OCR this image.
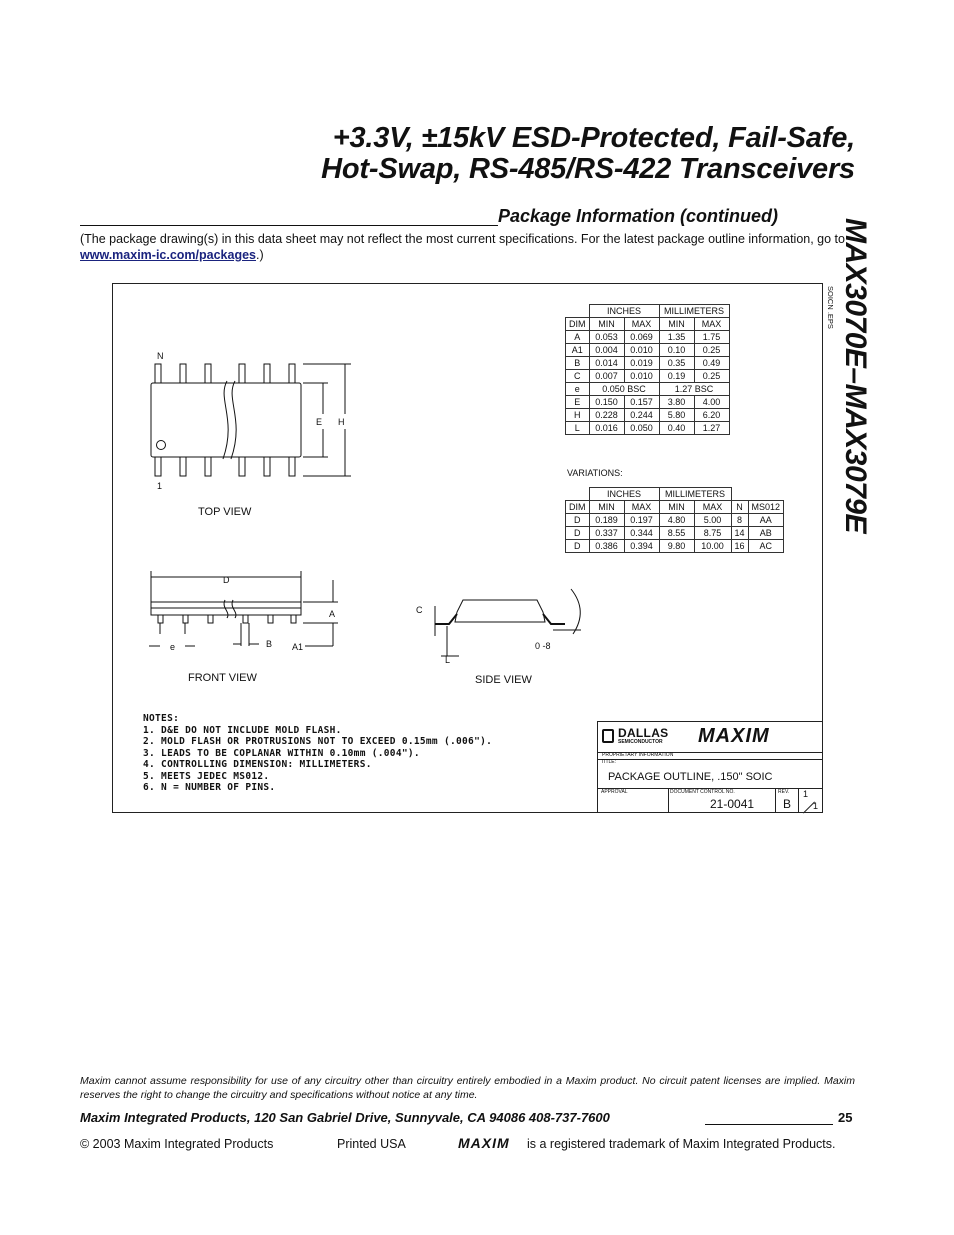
+3.3V, ±15kV ESD-Protected, Fail-Safe,
Hot-Swap, RS-485/RS-422 Transceivers
MAX3070E–MAX3079E
Package Information (continued)
(The package drawing(s) in this data sheet may not reflect the most current specifications. For the latest package outline information, go to www.maxim-ic.com/packages.)
N
1
E H
TOP VIEW
D
A
e	B A1
FRONT VIEW
C
L
0 -8
SIDE VIEW
SOICN .EPS
VARIATIONS:
	INCHES		MILLIMETERS	
DIM	MIN	MAX	MIN	MAX
A	0.053	0.069	1.35	1.75
A1	0.004	0.010	0.10	0.25
B	0.014	0.019	0.35	0.49
C	0.007	0.010	0.19	0.25
e	0.050 BSC		1.27 BSC	
E	0.150	0.157	3.80	4.00
H	0.228	0.244	5.80	6.20
L	0.016	0.050	0.40	1.27
	INCHES		MILLIMETERS			
DIM	MIN	MAX	MIN	MAX	N	MS012
D	0.189	0.197	4.80	5.00	8	AA
D	0.337	0.344	8.55	8.75	14	AB
D	0.386	0.394	9.80	10.00	16	AC
NOTES:
1. D&E DO NOT INCLUDE MOLD FLASH.
2. MOLD FLASH OR PROTRUSIONS NOT TO EXCEED 0.15mm (.006").
3. LEADS TO BE COPLANAR WITHIN 0.10mm (.004").
4. CONTROLLING DIMENSION: MILLIMETERS.
5. MEETS JEDEC MS012.
6. N = NUMBER OF PINS.
DALLAS
SEMICONDUCTOR MAXIM
PROPRIETARY INFORMATION
TITLE:
PACKAGE OUTLINE, .150" SOIC
APPROVAL	DOCUMENT CONTROL NO.
21-0041
REV.
B
1
1
Maxim cannot assume responsibility for use of any circuitry other than circuitry entirely embodied in a Maxim product. No circuit patent licenses are implied. Maxim reserves the right to change the circuitry and specifications without notice at any time.
Maxim Integrated Products, 120 San Gabriel Drive, Sunnyvale, CA 94086 408-737-7600	25
© 2003 Maxim Integrated Products	Printed USA	MAXIM is a registered trademark of Maxim Integrated Products.
